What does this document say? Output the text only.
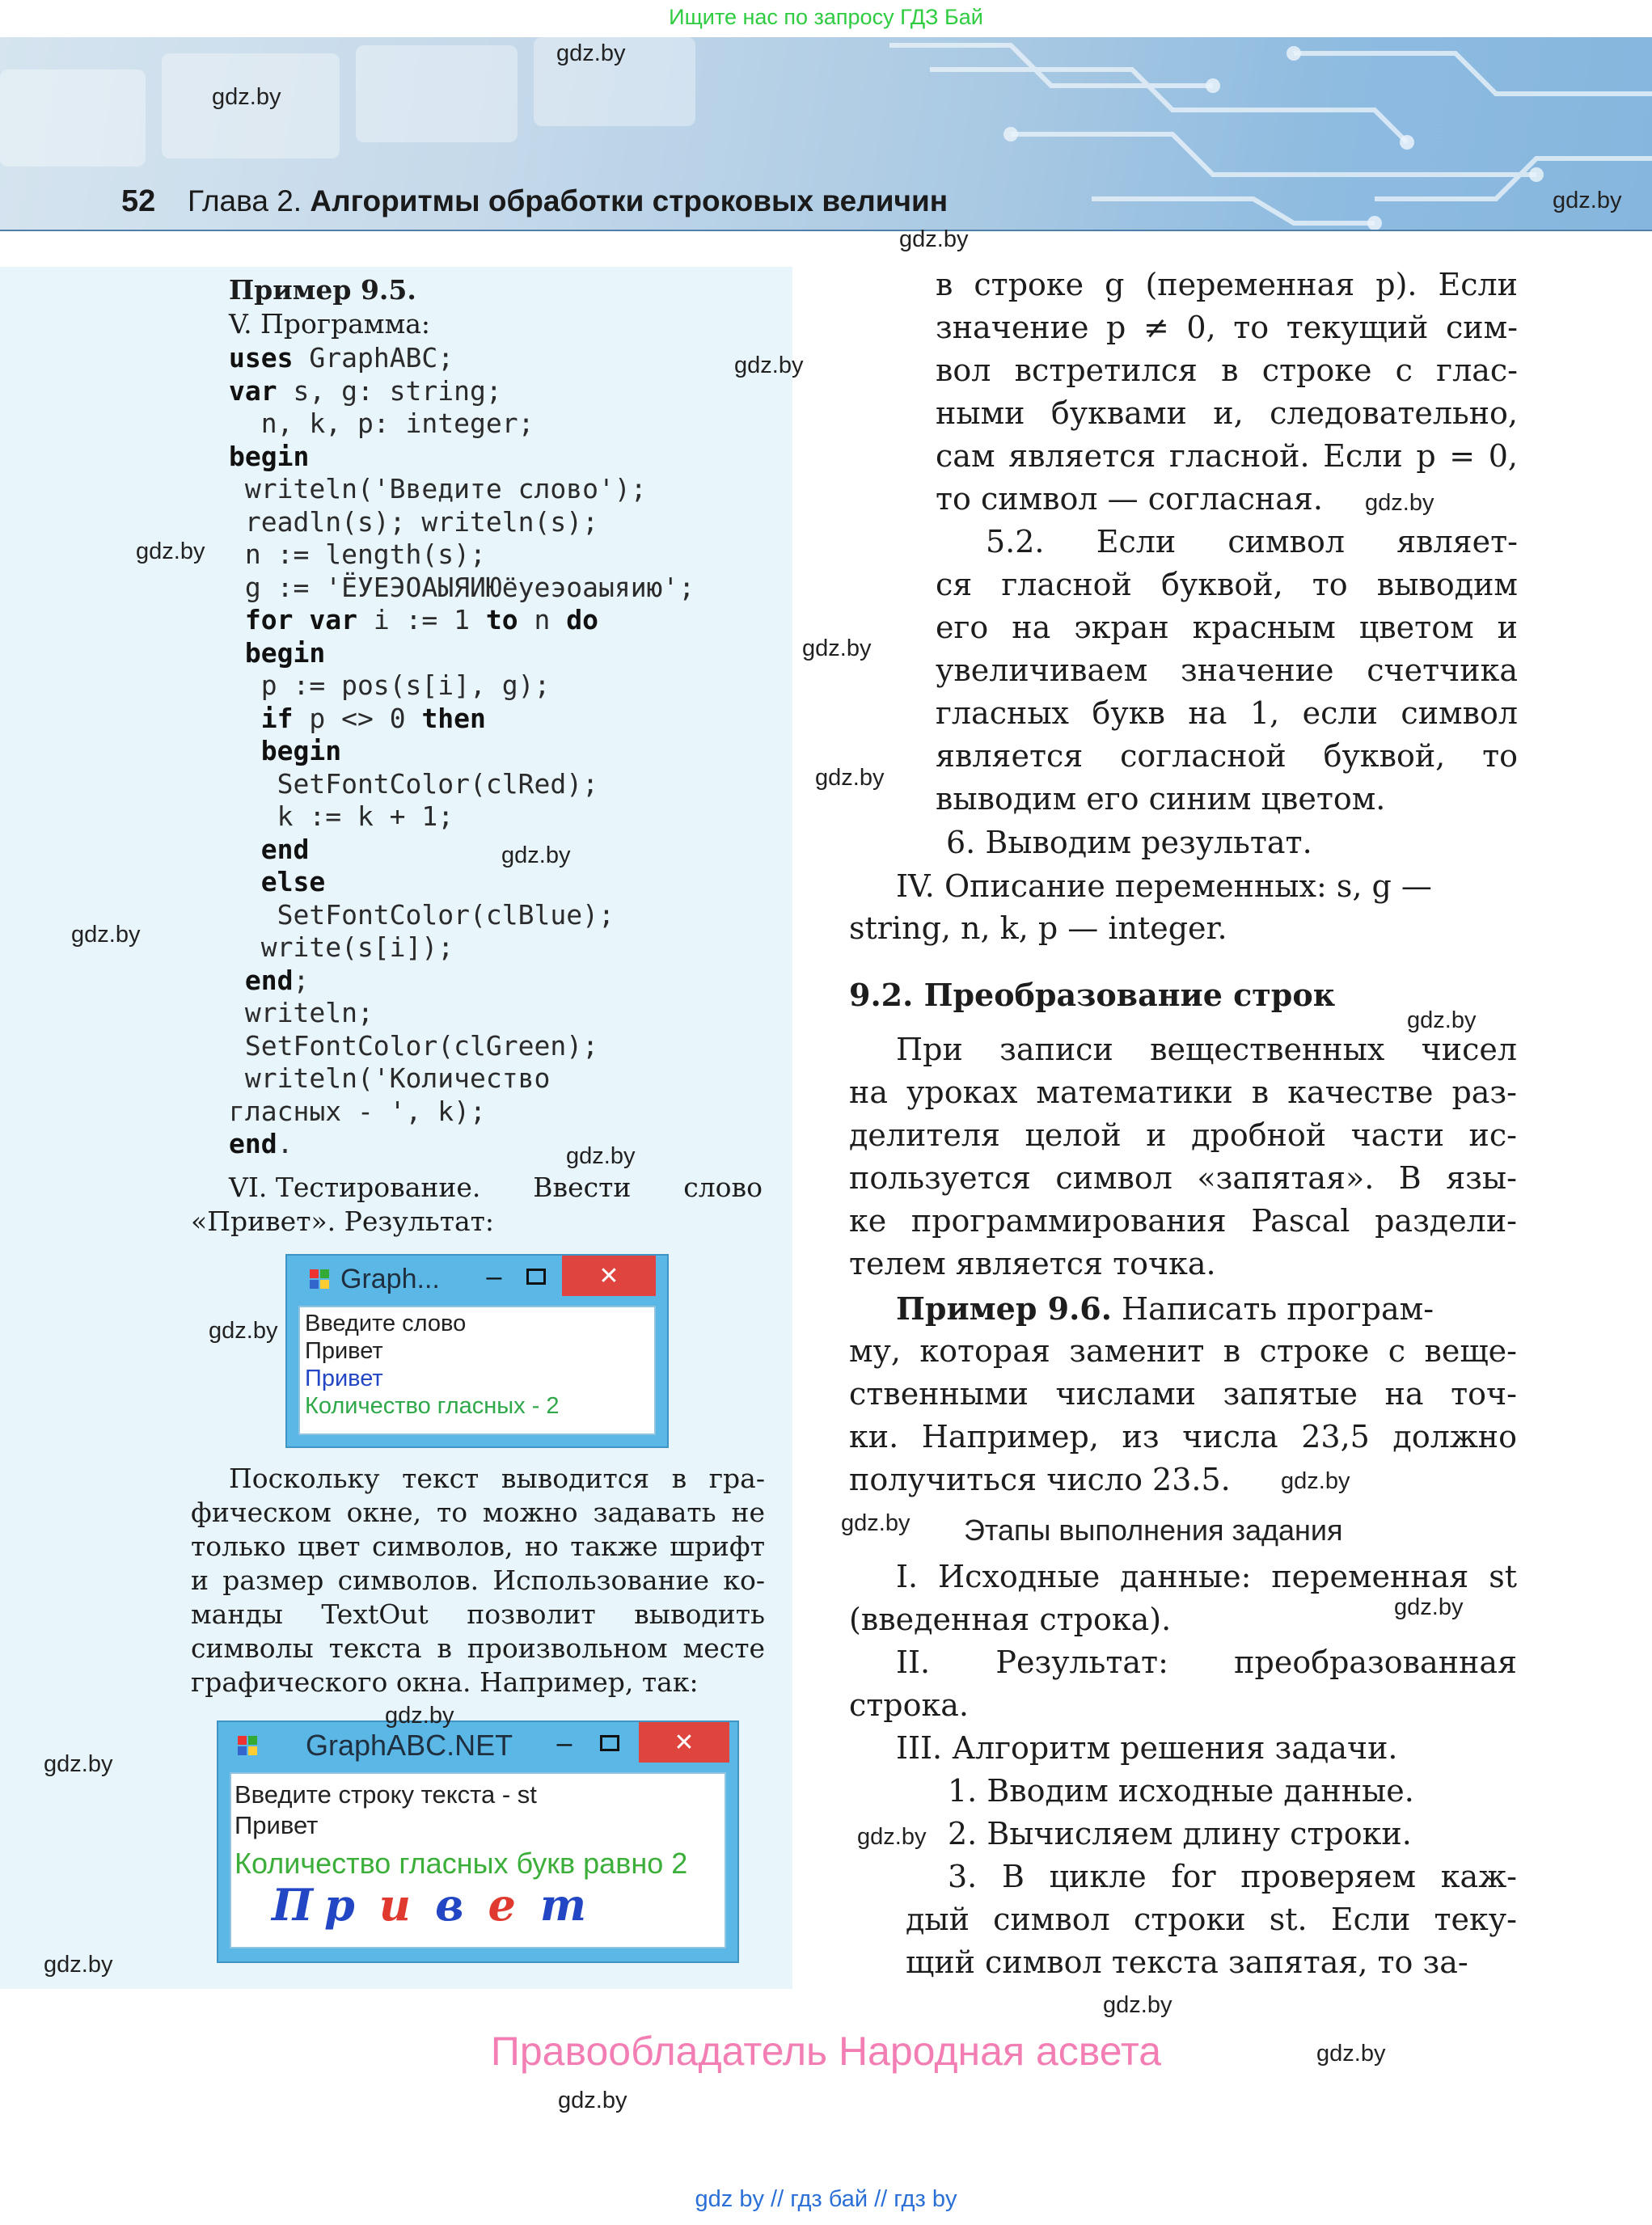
Ищите нас по запросу ГДЗ Бай
52 Глава 2. Алгоритмы обработки строковых величин
Пример 9.5.
V. Программа:
uses GraphABC;
var s, g: string;
n, k, p: integer;
begin
writeln('Введите слово');
readln(s); writeln(s);
n := length(s);
g := 'ЁУЕЭОАЫЯИЮёуеэоаыяию';
for var i := 1 to n do
begin
p := pos(s[i], g);
if p <> 0 then
begin
SetFontColor(clRed);
k := k + 1;
end
else
SetFontColor(clBlue);
write(s[i]);
end;
writeln;
SetFontColor(clGreen);
writeln('Количество
гласных - ', k);
end.
VI. Тестирование. Ввести слово
«Привет». Результат:
Graph...	–	✕
Введите слово
Привет
Привет
Количество гласных - 2
Поскольку текст выводится в гра-
фическом окне, то можно задавать не
только цвет символов, но также шрифт
и размер символов. Использование ко-
манды TextOut позволит выводить
символы текста в произвольном месте
графического окна. Например, так:
GraphABC.NET	–	✕
Введите строку текста - st
Привет
Количество гласных букв равно 2
П р и в е т
в строке g (переменная p). Если
значение p ≠ 0, то текущий сим-
вол встретился в строке с глас-
ными буквами и, следовательно,
сам является гласной. Если p = 0,
то символ — согласная.
5.2. Если символ являет-
ся гласной буквой, то выводим
его на экран красным цветом и
увеличиваем значение счетчика
гласных букв на 1, если символ
является согласной буквой, то
выводим его синим цветом.
6. Выводим результат.
IV. Описание переменных: s, g —
string, n, k, p — integer.
9.2. Преобразование строк
При записи вещественных чисел
на уроках математики в качестве раз-
делителя целой и дробной части ис-
пользуется символ «запятая». В язы-
ке программирования Pascal раздели-
телем является точка.
Пример 9.6. Написать програм-
му, которая заменит в строке с веще-
ственными числами запятые на точ-
ки. Например, из числа 23,5 должно
получиться число 23.5.
Этапы выполнения задания
I. Исходные данные: переменная st
(введенная строка).
II. Результат: преобразованная
строка.
III. Алгоритм решения задачи.
1. Вводим исходные данные.
2. Вычисляем длину строки.
3. В цикле for проверяем каж-
дый символ строки st. Если теку-
щий символ текста запятая, то за-
gdz.by
gdz.by
gdz.by
gdz.by
gdz.by
gdz.by
gdz.by
gdz.by
gdz.by
gdz.by
gdz.by
gdz.by
gdz.by
gdz.by
gdz.by
gdz.by
gdz.by
gdz.by
gdz.by
gdz.by
gdz.by
gdz.by
gdz.by
gdz.by
Правообладатель Народная асвета
gdz by // гдз бай // гдз by
